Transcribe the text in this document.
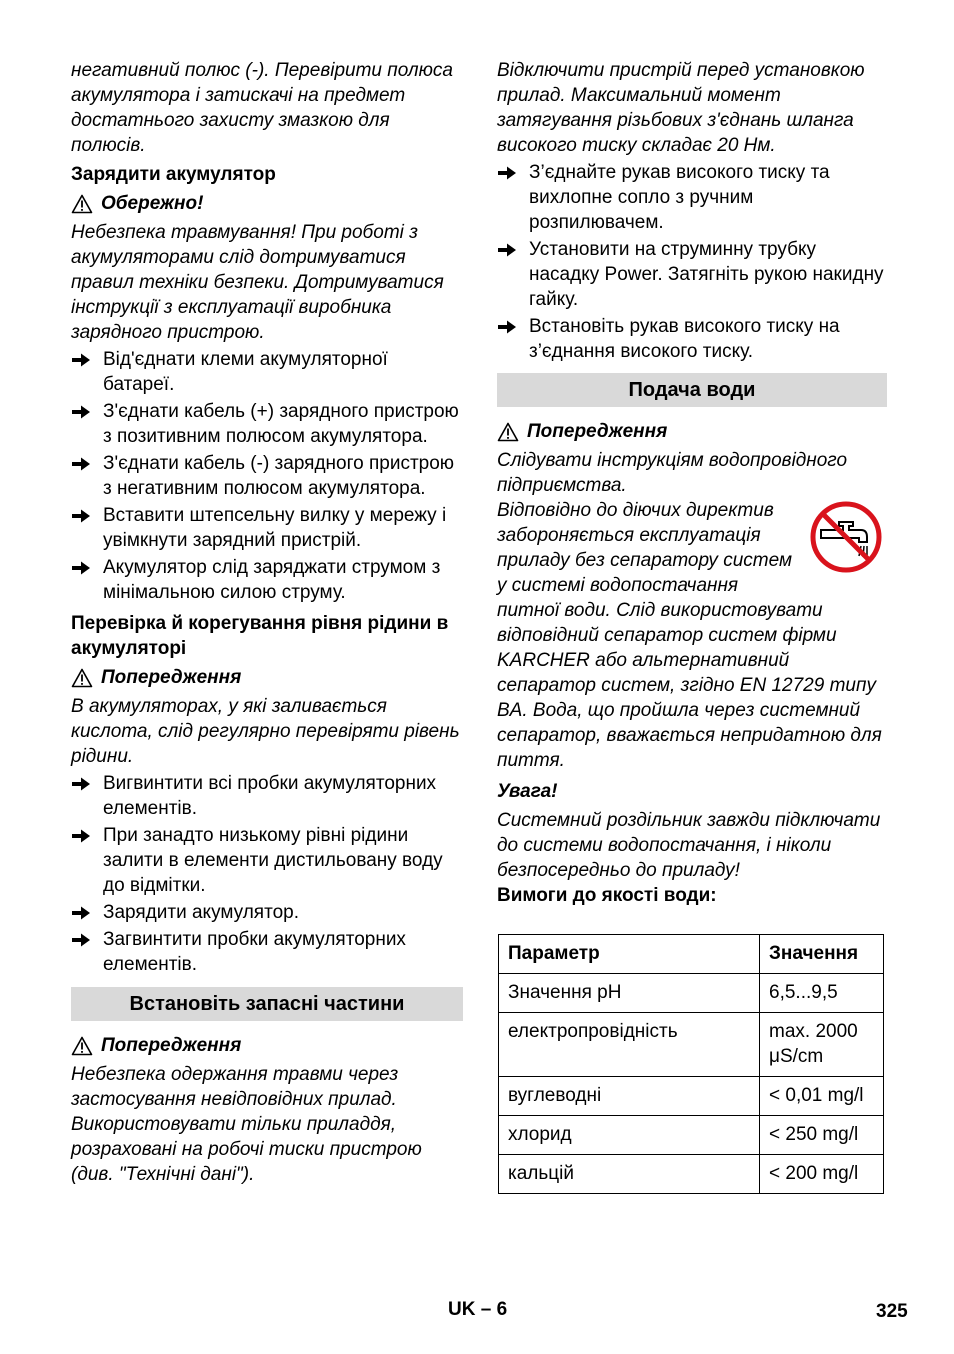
негативний полюс (-). Перевірити полюса акумулятора і затискачі на предмет достатнього захисту змазкою для полюсів.

Зарядити акумулятор

Обережно!

Небезпека травмування! При роботі з акумуляторами слід дотримуватися правил техніки безпеки. Дотримуватися інструкції з експлуатації виробника зарядного пристрою.

Від'єднати клеми акумуляторної батареї.
З'єднати кабель (+) зарядного пристрою з позитивним полюсом акумулятора.
З'єднати кабель (-) зарядного пристрою з негативним полюсом акумулятора.
Вставити штепсельну вилку у мережу і увімкнути зарядний пристрій.
Акумулятор слід заряджати струмом з мінімальною силою струму.

Перевірка й корегування рівня рідини в акумуляторі

Попередження

В акумуляторах, у які заливається кислота, слід регулярно перевіряти рівень рідини.

Вигвинтити всі пробки акумуляторних елементів.
При занадто низькому рівні рідини залити в елементи дистильовану воду до відмітки.
Зарядити акумулятор.
Загвинтити пробки акумуляторних елементів.
Встановіть запасні частини
Попередження

Небезпека одержання травми через застосування невідповідних прилад. Використовувати тільки приладдя, розраховані на робочі тиски пристрою (див. "Технічні дані").

Відключити пристрій перед установкою прилад. Максимальний момент затягування різьбових з'єднань шланга високого тиску складає 20 Нм.

З’єднайте рукав високого тиску та вихлопне сопло з ручним розпилювачем.
Установити на струминну трубку насадку Power. Затягніть рукою накидну гайку.
Встановіть рукав високого тиску на з’єднання високого тиску.
Подача води
Попередження

Слідувати інструкціям водопровідного підприємства.

Відповідно до діючих директив забороняється експлуатація приладу без сепаратору систем у системі водопостачання питної води. Слід використовувати відповідний сепаратор систем фірми KARCHER або альтернативний сепаратор систем, згідно EN 12729 типу BA. Вода, що пройшла через системний сепаратор, вважається непридатною для пиття.

Увага!

Системний роздільник завжди підключати до системи водопостачання, і ніколи безпосередньо до приладу!

Вимоги до якості води:

Параметр	Значення
Значення pH	6,5...9,5
електропровідність	max. 2000 μS/cm
вуглеводні	< 0,01 mg/l
хлорид	< 250 mg/l
кальцій	< 200 mg/l
UK – 6	325
